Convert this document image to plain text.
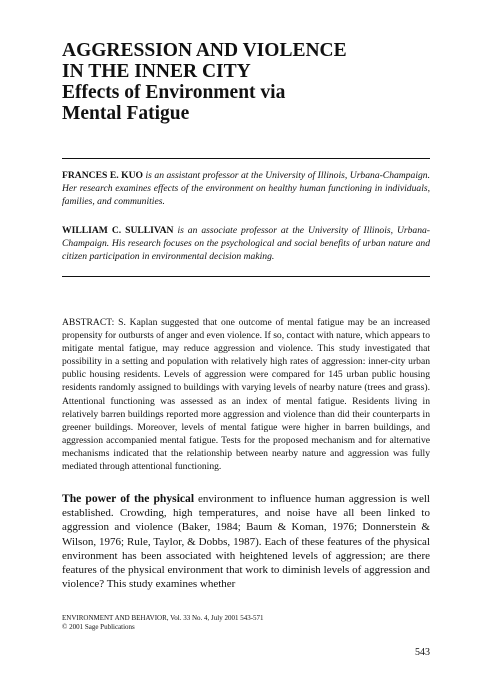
AGGRESSION AND VIOLENCE
IN THE INNER CITY
Effects of Environment via
Mental Fatigue

FRANCES E. KUO is an assistant professor at the University of Illinois, Urbana-Champaign. Her research examines effects of the environment on healthy human functioning in individuals, families, and communities.

WILLIAM C. SULLIVAN is an associate professor at the University of Illinois, Urbana-Champaign. His research focuses on the psychological and social benefits of urban nature and citizen participation in environmental decision making.

ABSTRACT: S. Kaplan suggested that one outcome of mental fatigue may be an increased propensity for outbursts of anger and even violence. If so, contact with nature, which appears to mitigate mental fatigue, may reduce aggression and violence. This study investigated that possibility in a setting and population with relatively high rates of aggression: inner-city urban public housing residents. Levels of aggression were compared for 145 urban public housing residents randomly assigned to buildings with varying levels of nearby nature (trees and grass). Attentional functioning was assessed as an index of mental fatigue. Residents living in relatively barren buildings reported more aggression and violence than did their counterparts in greener buildings. Moreover, levels of mental fatigue were higher in barren buildings, and aggression accompanied mental fatigue. Tests for the proposed mechanism and for alternative mechanisms indicated that the relationship between nearby nature and aggression was fully mediated through attentional functioning.

The power of the physical environment to influence human aggression is well established. Crowding, high temperatures, and noise have all been linked to aggression and violence (Baker, 1984; Baum & Koman, 1976; Donnerstein & Wilson, 1976; Rule, Taylor, & Dobbs, 1987). Each of these features of the physical environment has been associated with heightened levels of aggression; are there features of the physical environment that work to diminish levels of aggression and violence? This study examines whether

ENVIRONMENT AND BEHAVIOR, Vol. 33 No. 4, July 2001 543-571
© 2001 Sage Publications
543
